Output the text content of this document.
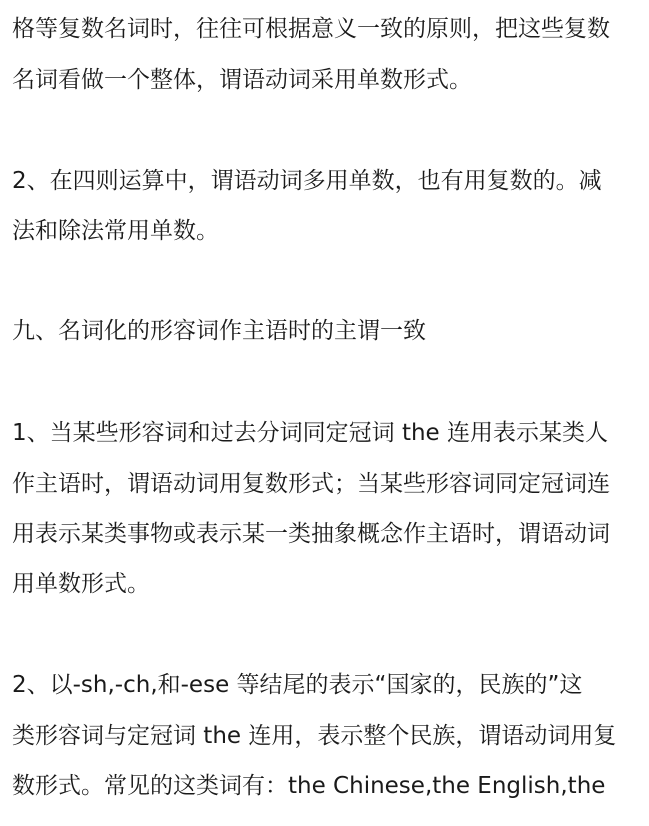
格等复数名词时，往往可根据意义一致的原则，把这些复数
名词看做一个整体，谓语动词采用单数形式。
2、在四则运算中，谓语动词多用单数，也有用复数的。减
法和除法常用单数。
九、名词化的形容词作主语时的主谓一致
1、当某些形容词和过去分词同定冠词 the 连用表示某类人
作主语时，谓语动词用复数形式；当某些形容词同定冠词连
用表示某类事物或表示某一类抽象概念作主语时，谓语动词
用单数形式。
2、以-sh,-ch,和-ese 等结尾的表示“国家的，民族的”这
类形容词与定冠词 the 连用，表示整个民族，谓语动词用复
数形式。常见的这类词有：the Chinese,the English,the
